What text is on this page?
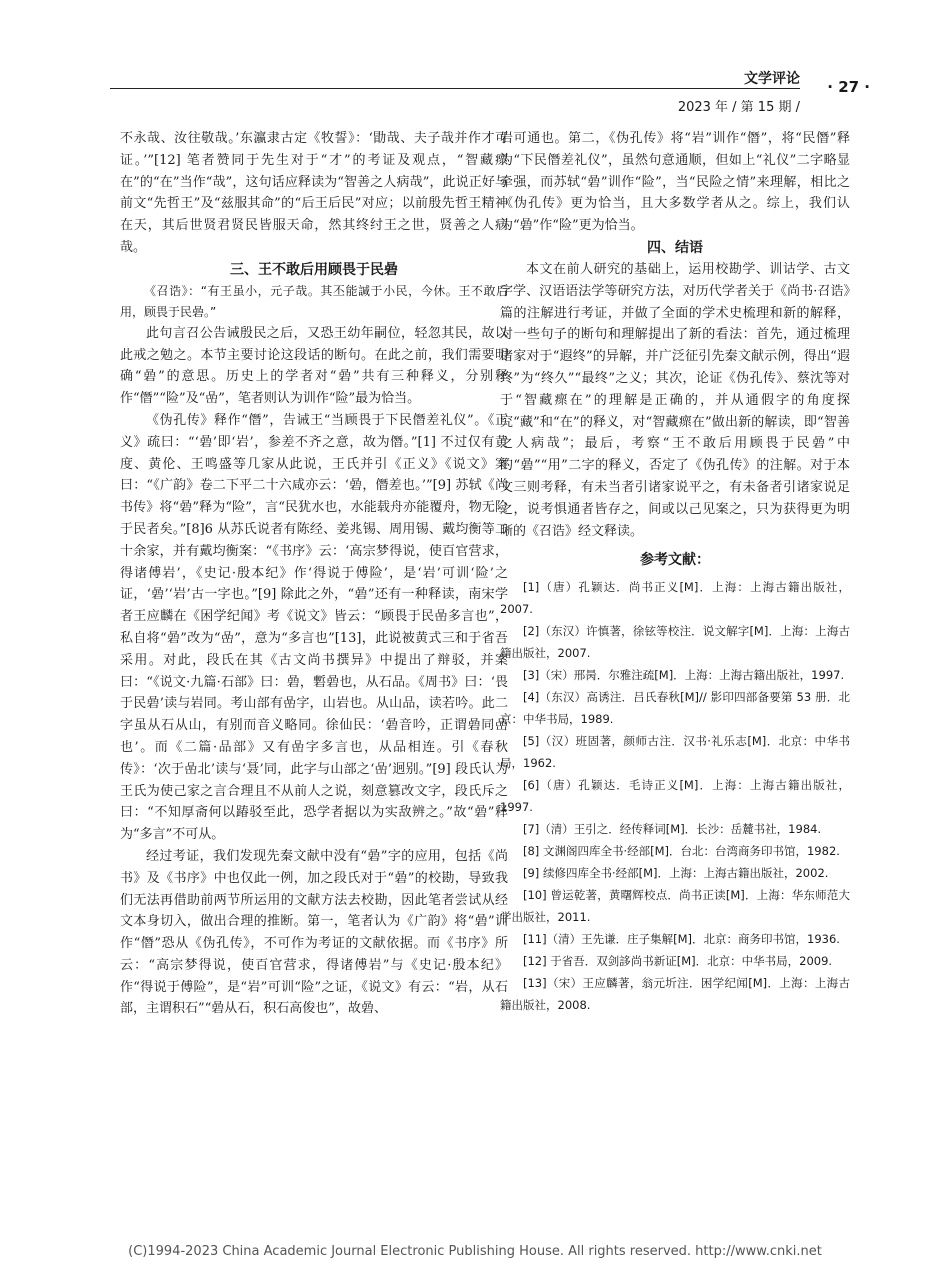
文学评论 · 27 ·
2023 年 / 第 15 期 /

不永哉、汝往敬哉。’东瀛隶古定《牧誓》：‘勖哉、夫子哉并作才可证。’”[12] 笔者赞同于先生对于“才”的考证及观点，“智藏瘝在”的“在”当作“哉”，这句话应释读为“智善之人病哉”，此说正好与前文“先哲王”及“兹服其命”的“后王后民”对应；以前殷先哲王精神在天，其后世贤君贤民皆服天命，然其终纣王之世，贤善之人病哉。

三、王不敢后用顾畏于民碞

《召诰》：“有王虽小，元子哉。其丕能諴于小民，今休。王不敢后用，顾畏于民碞。”

此句言召公告诫殷民之后，又恐王幼年嗣位，轻忽其民，故以此戒之勉之。本节主要讨论这段话的断句。在此之前，我们需要明确“碞”的意思。历史上的学者对“碞”共有三种释义，分别释作“僭”“险”及“嵒”，笔者则认为训作“险”最为恰当。

《伪孔传》释作“僭”，告诫王“当顾畏于下民僭差礼仪”。《正义》疏曰：“‘碞’即‘岩’，参差不齐之意，故为僭。”[1] 不过仅有黄度、黄伦、王鸣盛等几家从此说，王氏并引《正义》《说文》案曰：“《广韵》卷二下平二十六咸亦云：‘碞，僭差也。’”[9] 苏轼《尚书传》将“碞”释为“险”，言“民犹水也，水能载舟亦能覆舟，物无险于民者矣。”[8]6 从苏氏说者有陈经、姜兆锡、周用锡、戴均衡等二十余家，并有戴均衡案：“《书序》云：‘高宗梦得说，使百官营求，得诸傅岩’，《史记·殷本纪》作‘得说于傅险’，是‘岩’可训‘险’之证，‘碞’‘岩’古一字也。”[9] 除此之外，“碞”还有一种释读，南宋学者王应麟在《困学纪闻》考《说文》皆云：“顾畏于民嵒多言也”，私自将“碞”改为“嵒”，意为“多言也”[13]，此说被黄式三和于省吾采用。对此，段氏在其《古文尚书撰异》中提出了辩驳，并案曰：“《说文·九篇·石部》曰：碞，磛碞也，从石品。《周书》曰：‘畏于民碞’读与岩同。考山部有嵒字，山岩也。从山品，读若吟。此二字虽从石从山，有别而音义略同。徐仙民：‘碞音吟，正谓碞同嵒也’。而《二篇·品部》又有嵒字多言也，从品相连。引《春秋传》：‘次于嵒北’读与‘聂’同，此字与山部之‘嵒’迥别。”[9] 段氏认为王氏为使己家之言合理且不从前人之说，刻意篡改文字，段氏斥之曰：“不知厚斋何以踳驳至此，恐学者据以为实敌辨之。”故“碞”释为“多言”不可从。

经过考证，我们发现先秦文献中没有“碞”字的应用，包括《尚书》及《书序》中也仅此一例，加之段氏对于“碞”的校勘，导致我们无法再借助前两节所运用的文献方法去校勘，因此笔者尝试从经文本身切入，做出合理的推断。第一，笔者认为《广韵》将“碞”训作“僭”恐从《伪孔传》，不可作为考证的文献依据。而《书序》所云：“高宗梦得说，使百官营求，得诸傅岩”与《史记·殷本纪》作“得说于傅险”，是“岩”可训“险”之证，《说文》有云：“岩，从石部，主谓积石”“碞从石，积石高俊也”，故碞、

岩可通也。第二，《伪孔传》将“岩”训作“僭”，将“民僭”释为“下民僭差礼仪”，虽然句意通顺，但如上“礼仪”二字略显牵强，而苏轼“碞”训作“险”，当“民险之情”来理解，相比之《伪孔传》更为恰当，且大多数学者从之。综上，我们认为“碞”作“险”更为恰当。

四、结语

本文在前人研究的基础上，运用校勘学、训诂学、古文字学、汉语语法学等研究方法，对历代学者关于《尚书·召诰》篇的注解进行考证，并做了全面的学术史梳理和新的解释，对一些句子的断句和理解提出了新的看法：首先，通过梳理诸家对于“遐终”的异解，并广泛征引先秦文献示例，得出“遐终”为“终久”“最终”之义；其次，论证《伪孔传》、蔡沈等对于“智藏瘝在”的理解是正确的，并从通假字的角度探究“藏”和“在”的释义，对“智藏瘝在”做出新的解读，即“智善之人病哉”；最后，考察“王不敢后用顾畏于民碞”中的“碞”“用”二字的释义，否定了《伪孔传》的注解。对于本文三则考释，有未当者引诸家说平之，有未备者引诸家说足之，说考惧通者皆存之，间或以己见案之，只为获得更为明晰的《召诰》经文释读。

参考文献：

[1]（唐）孔颖达．尚书正义[M]．上海：上海古籍出版社，2007.

[2]（东汉）许慎著，徐铉等校注．说文解字[M]．上海：上海古籍出版社，2007.

[3]（宋）邢昺．尔雅注疏[M]．上海：上海古籍出版社，1997.

[4]（东汉）高诱注．吕氏春秋[M]// 影印四部备要第 53 册．北京：中华书局，1989.

[5]（汉）班固著，颜师古注．汉书·礼乐志[M]．北京：中华书局，1962.

[6]（唐）孔颖达．毛诗正义[M]．上海：上海古籍出版社，1997.

[7]（清）王引之．经传释词[M]．长沙：岳麓书社，1984.

[8] 文渊阁四库全书·经部[M]．台北：台湾商务印书馆，1982.

[9] 续修四库全书·经部[M]．上海：上海古籍出版社，2002.

[10] 曾运乾著，黄曙辉校点．尚书正读[M]．上海：华东师范大学出版社，2011.

[11]（清）王先谦．庄子集解[M]．北京：商务印书馆，1936.

[12] 于省吾．双剑誃尚书新证[M]．北京：中华书局，2009.

[13]（宋）王应麟著，翁元圻注．困学纪闻[M]．上海：上海古籍出版社，2008.

(C)1994-2023 China Academic Journal Electronic Publishing House. All rights reserved. http://www.cnki.net
